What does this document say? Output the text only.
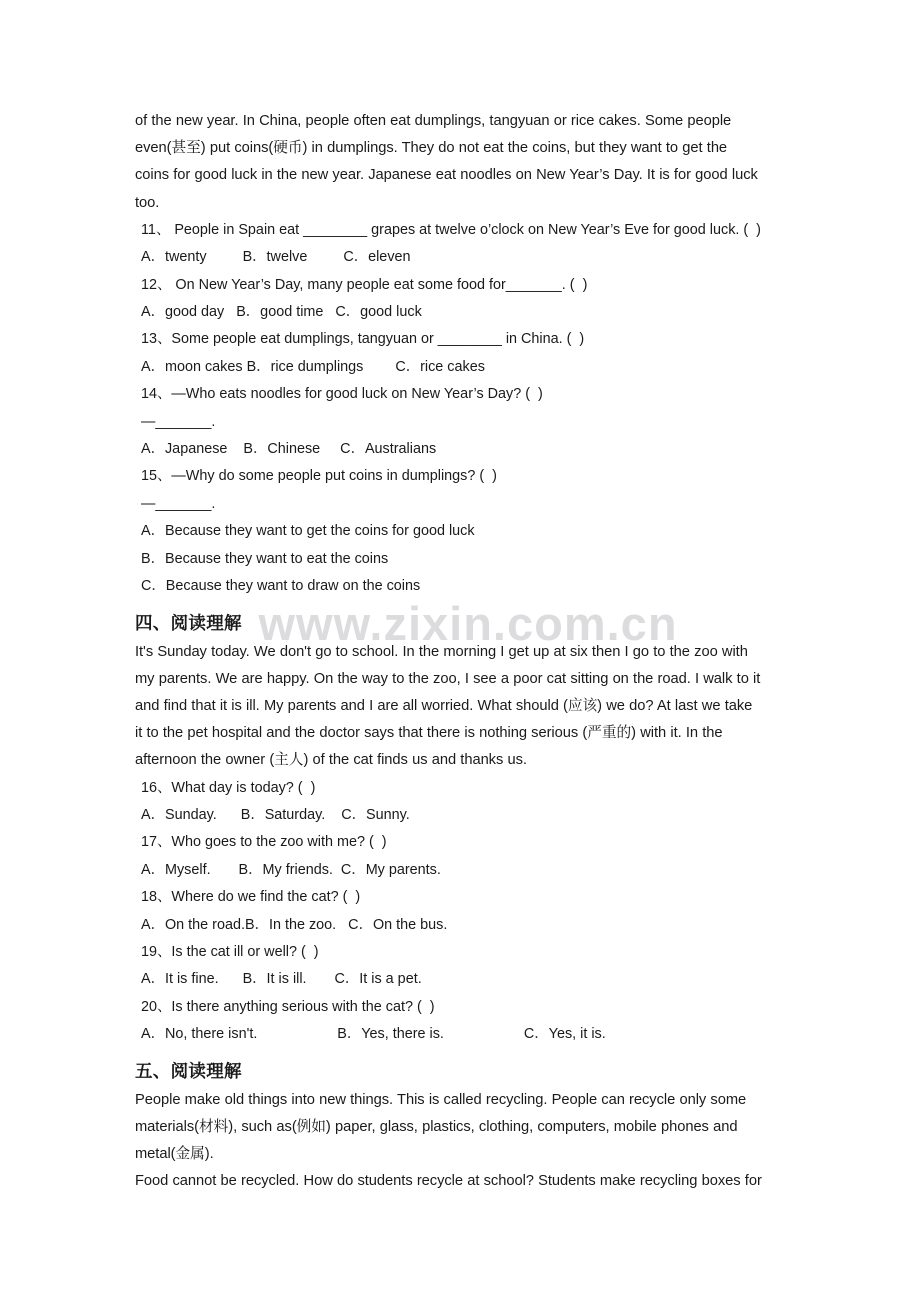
www.zixin.com.cn

of the new year. In China, people often eat dumplings, tangyuan or rice cakes. Some people

even(甚至) put coins(硬币) in dumplings. They do not eat the coins, but they want to get the

coins for good luck in the new year. Japanese eat noodles on New Year’s Day. It is for good luck

too.

11、 People in Spain eat ________ grapes at twelve o’clock on New Year’s Eve for good luck. (  )

A．twenty         B．twelve         C．eleven

12、 On New Year’s Day, many people eat some food for_______. (  )

A．good day   B．good time   C．good luck

13、Some people eat dumplings, tangyuan or ________ in China. (  )

A．moon cakes B．rice dumplings        C．rice cakes

14、—Who eats noodles for good luck on New Year’s Day? (  )

—_______.

A．Japanese    B．Chinese     C．Australians

15、—Why do some people put coins in dumplings? (  )

—_______.

A．Because they want to get the coins for good luck

B．Because they want to eat the coins

C．Because they want to draw on the coins

四、阅读理解

It's Sunday today. We don't go to school. In the morning I get up at six then I go to the zoo with

my parents. We are happy. On the way to the zoo, I see a poor cat sitting on the road. I walk to it

and find that it is ill. My parents and I are all worried. What should (应该) we do? At last we take

it to the pet hospital and the doctor says that there is nothing serious (严重的) with it. In the

afternoon the owner (主人) of the cat finds us and thanks us.

16、What day is today? (  )

A．Sunday.      B．Saturday.    C．Sunny.

17、Who goes to the zoo with me? (  )

A．Myself.       B．My friends.  C．My parents.

18、Where do we find the cat? (  )

A．On the road.B．In the zoo.   C．On the bus.

19、Is the cat ill or well? (  )

A．It is fine.      B．It is ill.       C．It is a pet.

20、Is there anything serious with the cat? (  )

A．No, there isn't.                    B．Yes, there is.                    C．Yes, it is.

五、阅读理解

People make old things into new things. This is called recycling. People can recycle only some

materials(材料), such as(例如) paper, glass, plastics, clothing, computers, mobile phones and

metal(金属).

Food cannot be recycled. How do students recycle at school? Students make recycling boxes for
